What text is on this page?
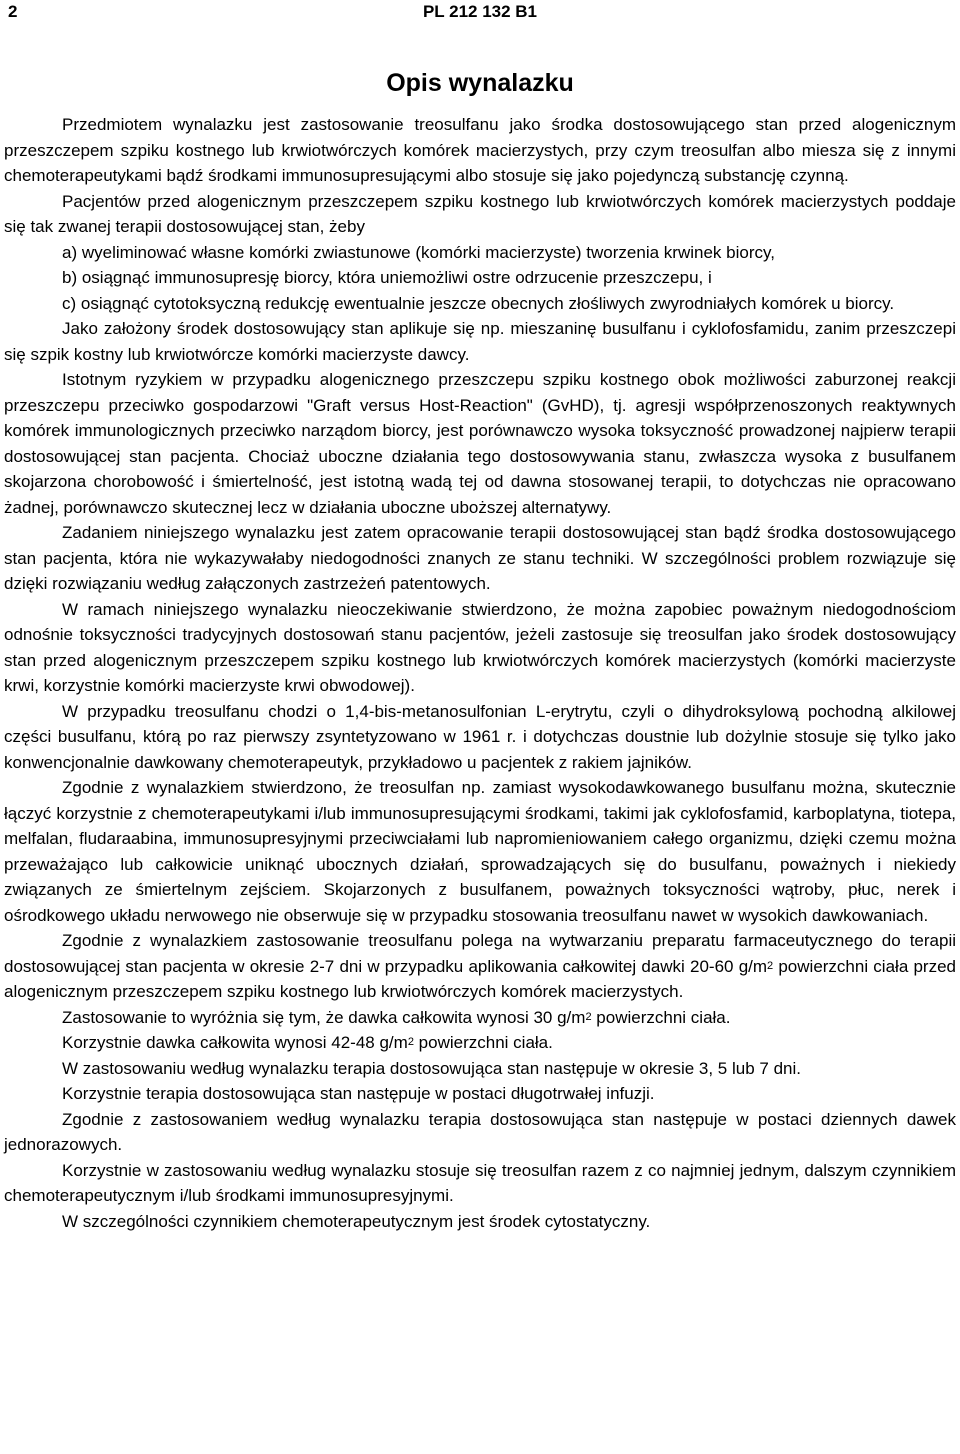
2	PL 212 132 B1
Opis wynalazku

Przedmiotem wynalazku jest zastosowanie treosulfanu jako środka dostosowującego stan przed alogenicznym przeszczepem szpiku kostnego lub krwiotwórczych komórek macierzystych, przy czym treosulfan albo miesza się z innymi chemoterapeutykami bądź środkami immunosupresującymi albo stosuje się jako pojedynczą substancję czynną.

Pacjentów przed alogenicznym przeszczepem szpiku kostnego lub krwiotwórczych komórek macierzystych poddaje się tak zwanej terapii dostosowującej stan, żeby

a) wyeliminować własne komórki zwiastunowe (komórki macierzyste) tworzenia krwinek biorcy,

b) osiągnąć immunosupresję biorcy, która uniemożliwi ostre odrzucenie przeszczepu, i

c) osiągnąć cytotoksyczną redukcję ewentualnie jeszcze obecnych złośliwych zwyrodniałych komórek u biorcy.

Jako założony środek dostosowujący stan aplikuje się np. mieszaninę busulfanu i cyklofosfamidu, zanim przeszczepi się szpik kostny lub krwiotwórcze komórki macierzyste dawcy.

Istotnym ryzykiem w przypadku alogenicznego przeszczepu szpiku kostnego obok możliwości zaburzonej reakcji przeszczepu przeciwko gospodarzowi "Graft versus Host-Reaction" (GvHD), tj. agresji współprzenoszonych reaktywnych komórek immunologicznych przeciwko narządom biorcy, jest porównawczo wysoka toksyczność prowadzonej najpierw terapii dostosowującej stan pacjenta. Chociaż uboczne działania tego dostosowywania stanu, zwłaszcza wysoka z busulfanem skojarzona chorobowość i śmiertelność, jest istotną wadą tej od dawna stosowanej terapii, to dotychczas nie opracowano żadnej, porównawczo skutecznej lecz w działania uboczne uboższej alternatywy.

Zadaniem niniejszego wynalazku jest zatem opracowanie terapii dostosowującej stan bądź środka dostosowującego stan pacjenta, która nie wykazywałaby niedogodności znanych ze stanu techniki. W szczególności problem rozwiązuje się dzięki rozwiązaniu według załączonych zastrzeżeń patentowych.

W ramach niniejszego wynalazku nieoczekiwanie stwierdzono, że można zapobiec poważnym niedogodnościom odnośnie toksyczności tradycyjnych dostosowań stanu pacjentów, jeżeli zastosuje się treosulfan jako środek dostosowujący stan przed alogenicznym przeszczepem szpiku kostnego lub krwiotwórczych komórek macierzystych (komórki macierzyste krwi, korzystnie komórki macierzyste krwi obwodowej).

W przypadku treosulfanu chodzi o 1,4-bis-metanosulfonian L-erytrytu, czyli o dihydroksylową pochodną alkilowej części busulfanu, którą po raz pierwszy zsyntetyzowano w 1961 r. i dotychczas doustnie lub dożylnie stosuje się tylko jako konwencjonalnie dawkowany chemoterapeutyk, przykładowo u pacjentek z rakiem jajników.

Zgodnie z wynalazkiem stwierdzono, że treosulfan np. zamiast wysokodawkowanego busulfanu można, skutecznie łączyć korzystnie z chemoterapeutykami i/lub immunosupresującymi środkami, takimi jak cyklofosfamid, karboplatyna, tiotepa, melfalan, fludaraabina, immunosupresyjnymi przeciwciałami lub napromieniowaniem całego organizmu, dzięki czemu można przeważająco lub całkowicie uniknąć ubocznych działań, sprowadzających się do busulfanu, poważnych i niekiedy związanych ze śmiertelnym zejściem. Skojarzonych z busulfanem, poważnych toksyczności wątroby, płuc, nerek i ośrodkowego układu nerwowego nie obserwuje się w przypadku stosowania treosulfanu nawet w wysokich dawkowaniach.

Zgodnie z wynalazkiem zastosowanie treosulfanu polega na wytwarzaniu preparatu farmaceutycznego do terapii dostosowującej stan pacjenta w okresie 2-7 dni w przypadku aplikowania całkowitej dawki 20-60 $g/m^2$ powierzchni ciała przed alogenicznym przeszczepem szpiku kostnego lub krwiotwórczych komórek macierzystych.

Zastosowanie to wyróżnia się tym, że dawka całkowita wynosi 30 $g/m^2$ powierzchni ciała.

Korzystnie dawka całkowita wynosi 42-48 $g/m^2$ powierzchni ciała.

W zastosowaniu według wynalazku terapia dostosowująca stan następuje w okresie 3, 5 lub 7 dni.

Korzystnie terapia dostosowująca stan następuje w postaci długotrwałej infuzji.

Zgodnie z zastosowaniem według wynalazku terapia dostosowująca stan następuje w postaci dziennych dawek jednorazowych.

Korzystnie w zastosowaniu według wynalazku stosuje się treosulfan razem z co najmniej jednym, dalszym czynnikiem chemoterapeutycznym i/lub środkami immunosupresyjnymi.

W szczególności czynnikiem chemoterapeutycznym jest środek cytostatyczny.
